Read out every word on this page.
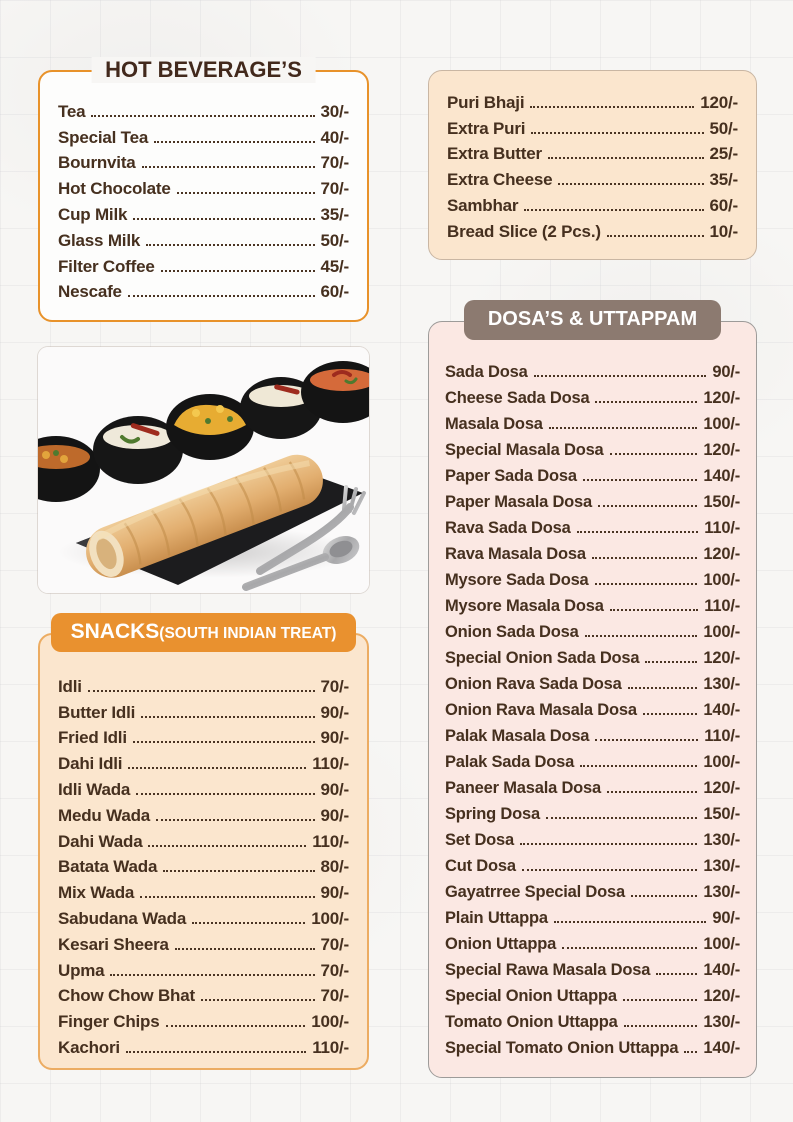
HOT BEVERAGE’S
Tea	30/-
Special Tea	40/-
Bournvita	70/-
Hot Chocolate	70/-
Cup Milk	35/-
Glass Milk	50/-
Filter Coffee	45/-
Nescafe	60/-
Puri Bhaji	120/-
Extra Puri	50/-
Extra Butter	25/-
Extra Cheese	35/-
Sambhar	60/-
Bread Slice (2 Pcs.)	10/-
SNACKS(SOUTH INDIAN TREAT)
Idli	70/-
Butter Idli	90/-
Fried Idli	90/-
Dahi Idli	110/-
Idli Wada	90/-
Medu Wada	90/-
Dahi Wada	110/-
Batata Wada	80/-
Mix Wada	90/-
Sabudana Wada	100/-
Kesari Sheera	70/-
Upma	70/-
Chow Chow Bhat	70/-
Finger Chips	100/-
Kachori	110/-
DOSA’S & UTTAPPAM
Sada Dosa	90/-
Cheese Sada Dosa	120/-
Masala Dosa	100/-
Special Masala Dosa	120/-
Paper Sada Dosa	140/-
Paper Masala Dosa	150/-
Rava Sada Dosa	110/-
Rava Masala Dosa	120/-
Mysore Sada Dosa	100/-
Mysore Masala Dosa	110/-
Onion Sada Dosa	100/-
Special Onion Sada Dosa	120/-
Onion Rava Sada Dosa	130/-
Onion Rava Masala Dosa	140/-
Palak Masala Dosa	110/-
Palak Sada Dosa	100/-
Paneer Masala Dosa	120/-
Spring Dosa	150/-
Set Dosa	130/-
Cut Dosa	130/-
Gayatrree Special Dosa	130/-
Plain Uttappa	90/-
Onion Uttappa	100/-
Special Rawa Masala Dosa	140/-
Special Onion Uttappa	120/-
Tomato Onion Uttappa	130/-
Special Tomato Onion Uttappa 140/-
